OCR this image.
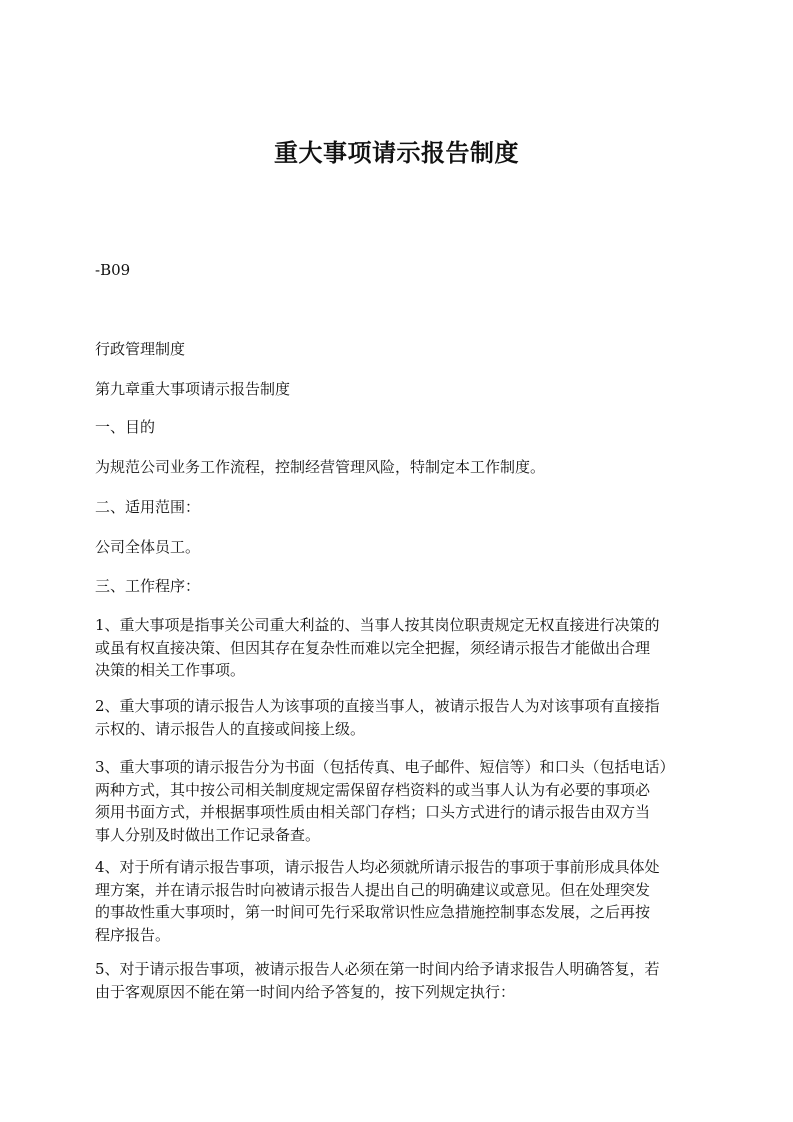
重大事项请示报告制度
-B09
行政管理制度
第九章重大事项请示报告制度
一、目的
为规范公司业务工作流程，控制经营管理风险，特制定本工作制度。
二、适用范围：
公司全体员工。
三、工作程序：
1、重大事项是指事关公司重大利益的、当事人按其岗位职责规定无权直接进行决策的
或虽有权直接决策、但因其存在复杂性而难以完全把握，须经请示报告才能做出合理
决策的相关工作事项。
2、重大事项的请示报告人为该事项的直接当事人，被请示报告人为对该事项有直接指
示权的、请示报告人的直接或间接上级。
3、重大事项的请示报告分为书面（包括传真、电子邮件、短信等）和口头（包括电话）
两种方式，其中按公司相关制度规定需保留存档资料的或当事人认为有必要的事项必
须用书面方式，并根据事项性质由相关部门存档；口头方式进行的请示报告由双方当
事人分别及时做出工作记录备查。
4、对于所有请示报告事项，请示报告人均必须就所请示报告的事项于事前形成具体处
理方案，并在请示报告时向被请示报告人提出自己的明确建议或意见。但在处理突发
的事故性重大事项时，第一时间可先行采取常识性应急措施控制事态发展，之后再按
程序报告。
5、对于请示报告事项，被请示报告人必须在第一时间内给予请求报告人明确答复，若
由于客观原因不能在第一时间内给予答复的，按下列规定执行：
